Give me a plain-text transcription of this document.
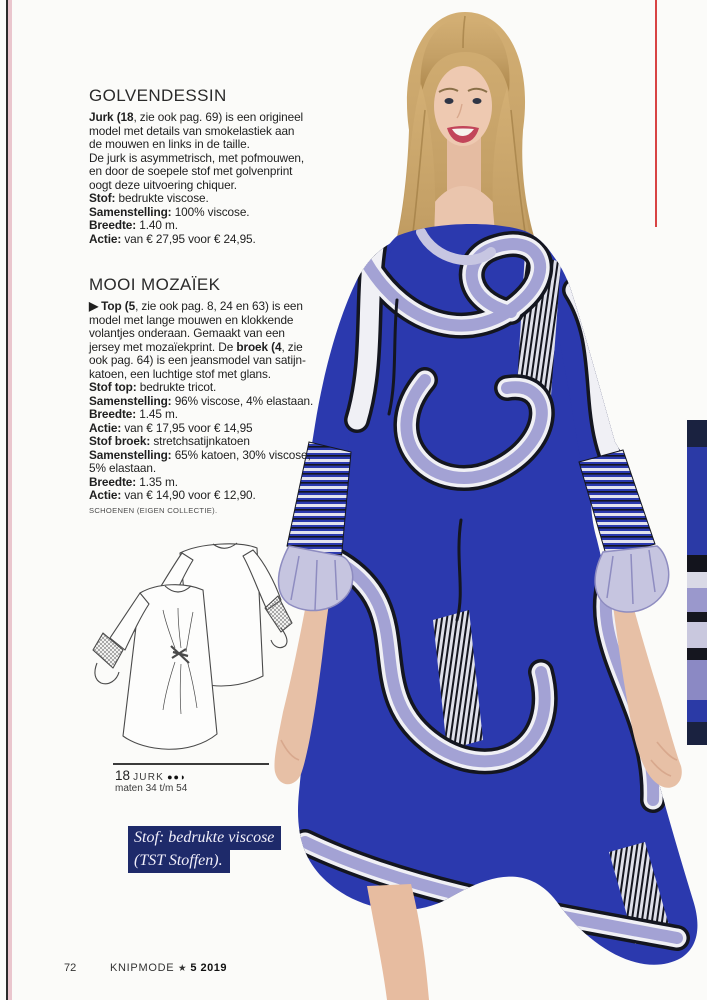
GOLVENDESSIN
Jurk (18, zie ook pag. 69) is een origineel
model met details van smokelastiek aan
de mouwen en links in de taille.
De jurk is asymmetrisch, met pofmouwen,
en door de soepele stof met golvenprint
oogt deze uitvoering chiquer.
Stof: bedrukte viscose.
Samenstelling: 100% viscose.
Breedte: 1.40 m.
Actie: van € 27,95 voor € 24,95.
MOOI MOZAÏEK
▶ Top (5, zie ook pag. 8, 24 en 63) is een
model met lange mouwen en klokkende
volantjes onderaan. Gemaakt van een
jersey met mozaïekprint. De broek (4, zie
ook pag. 64) is een jeansmodel van satijn-
katoen, een luchtige stof met glans.
Stof top: bedrukte tricot.
Samenstelling: 96% viscose, 4% elastaan.
Breedte: 1.45 m.
Actie: van € 17,95 voor € 14,95
Stof broek: stretchsatijnkatoen
Samenstelling: 65% katoen, 30% viscose,
5% elastaan.
Breedte: 1.35 m.
Actie: van € 14,90 voor € 12,90.
SCHOENEN (EIGEN COLLECTIE).
18 JURK ●●◗
maten 34 t/m 54
Stof: bedrukte viscose
(TST Stoffen).
72	KNIPMODE ★ 5 2019
